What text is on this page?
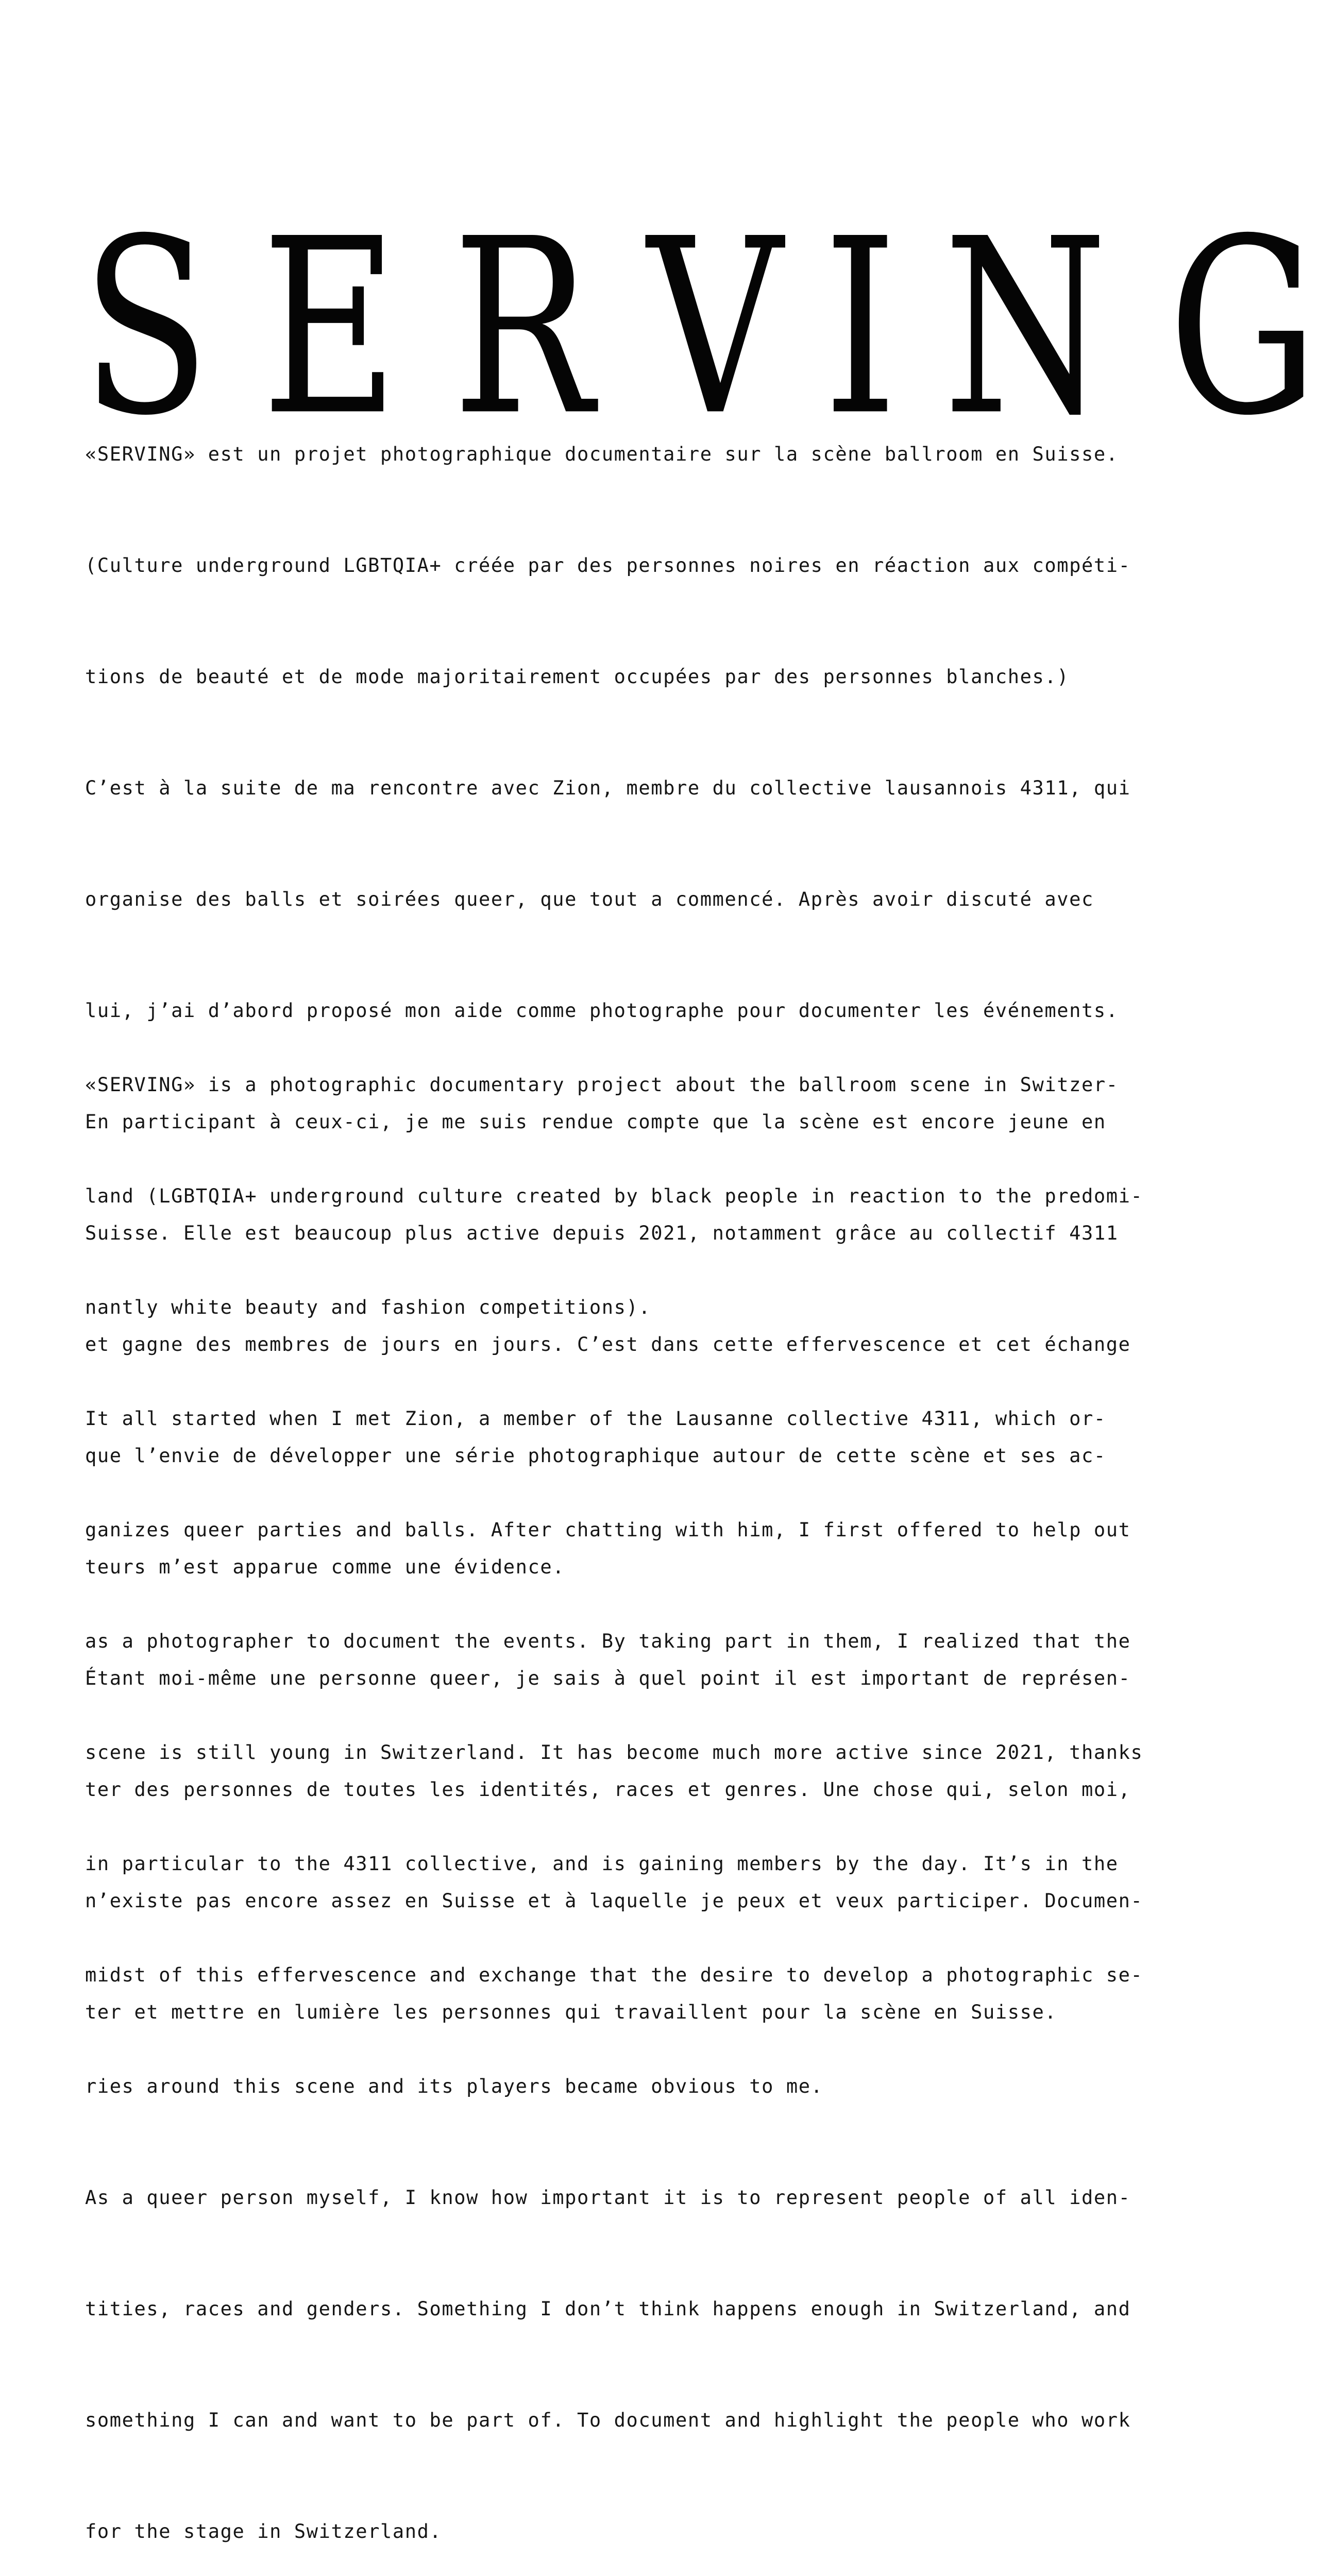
S E R V I N G

«SERVING» est un projet photographique documentaire sur la scène ballroom en Suisse.

(Culture underground LGBTQIA+ créée par des personnes noires en réaction aux compéti-

tions de beauté et de mode majoritairement occupées par des personnes blanches.)

C’est à la suite de ma rencontre avec Zion, membre du collective lausannois 4311, qui

organise des balls et soirées queer, que tout a commencé. Après avoir discuté avec

lui, j’ai d’abord proposé mon aide comme photographe pour documenter les événements.

En participant à ceux-ci, je me suis rendue compte que la scène est encore jeune en

Suisse. Elle est beaucoup plus active depuis 2021, notamment grâce au collectif 4311

et gagne des membres de jours en jours. C’est dans cette effervescence et cet échange

que l’envie de développer une série photographique autour de cette scène et ses ac-

teurs m’est apparue comme une évidence.

Étant moi-même une personne queer, je sais à quel point il est important de représen-

ter des personnes de toutes les identités, races et genres. Une chose qui, selon moi,

n’existe pas encore assez en Suisse et à laquelle je peux et veux participer. Documen-

ter et mettre en lumière les personnes qui travaillent pour la scène en Suisse.

«SERVING» is a photographic documentary project about the ballroom scene in Switzer-

land (LGBTQIA+ underground culture created by black people in reaction to the predomi-

nantly white beauty and fashion competitions).

It all started when I met Zion, a member of the Lausanne collective 4311, which or-

ganizes queer parties and balls. After chatting with him, I first offered to help out

as a photographer to document the events. By taking part in them, I realized that the

scene is still young in Switzerland. It has become much more active since 2021, thanks

in particular to the 4311 collective, and is gaining members by the day. It’s in the

midst of this effervescence and exchange that the desire to develop a photographic se-

ries around this scene and its players became obvious to me.

As a queer person myself, I know how important it is to represent people of all iden-

tities, races and genders. Something I don’t think happens enough in Switzerland, and

something I can and want to be part of. To document and highlight the people who work

for the stage in Switzerland.
